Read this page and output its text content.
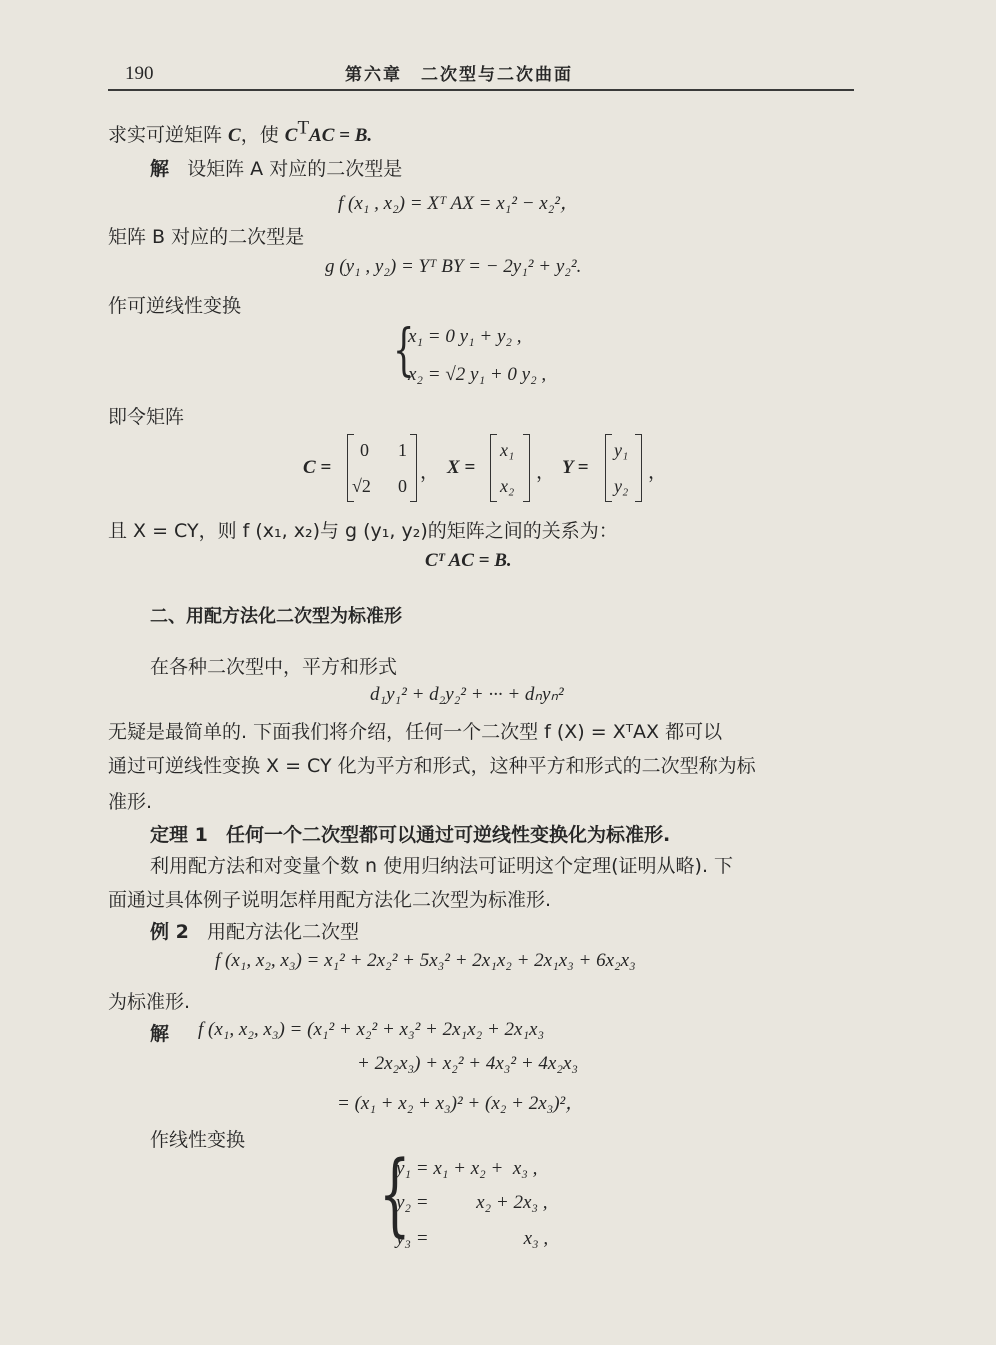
190	第六章　二次型与二次曲面
求实可逆矩阵 C，使 $C^TAC = B$.
解 设矩阵 A 对应的二次型是
f (x₁ , x₂) = Xᵀ AX = x₁² − x₂²，
矩阵 B 对应的二次型是
g (y₁ , y₂) = Yᵀ BY = − 2y₁² + y₂².
作可逆线性变换
{
x₁ = 0 y₁ + y₂ ,
x₂ = √2 y₁ + 0 y₂ ,
即令矩阵
C =
0 1
√2 0
， X =
x₁
x₂
， Y =
y₁
y₂
，
且 X = CY，则 f (x₁, x₂)与 g (y₁, y₂)的矩阵之间的关系为：
Cᵀ AC = B.
二、用配方法化二次型为标准形
在各种二次型中，平方和形式
d₁y₁² + d₂y₂² + ··· + dₙyₙ²
无疑是最简单的. 下面我们将介绍，任何一个二次型 f (X) = XᵀAX 都可以
通过可逆线性变换 X = CY 化为平方和形式，这种平方和形式的二次型称为标
准形.
定理 1 任何一个二次型都可以通过可逆线性变换化为标准形.
利用配方法和对变量个数 n 使用归纳法可证明这个定理(证明从略). 下
面通过具体例子说明怎样用配方法化二次型为标准形.
例 2 用配方法化二次型
f (x₁, x₂, x₃) = x₁² + 2x₂² + 5x₃² + 2x₁x₂ + 2x₁x₃ + 6x₂x₃
为标准形.
解 f (x₁, x₂, x₃) = (x₁² + x₂² + x₃² + 2x₁x₂ + 2x₁x₃
+ 2x₂x₃) + x₂² + 4x₃² + 4x₂x₃
= (x₁ + x₂ + x₃)² + (x₂ + 2x₃)²，
作线性变换
{
y₁ = x₁ + x₂ +  x₃ ,
y₂ =          x₂ + 2x₃ ,
y₃ =                    x₃ ,
